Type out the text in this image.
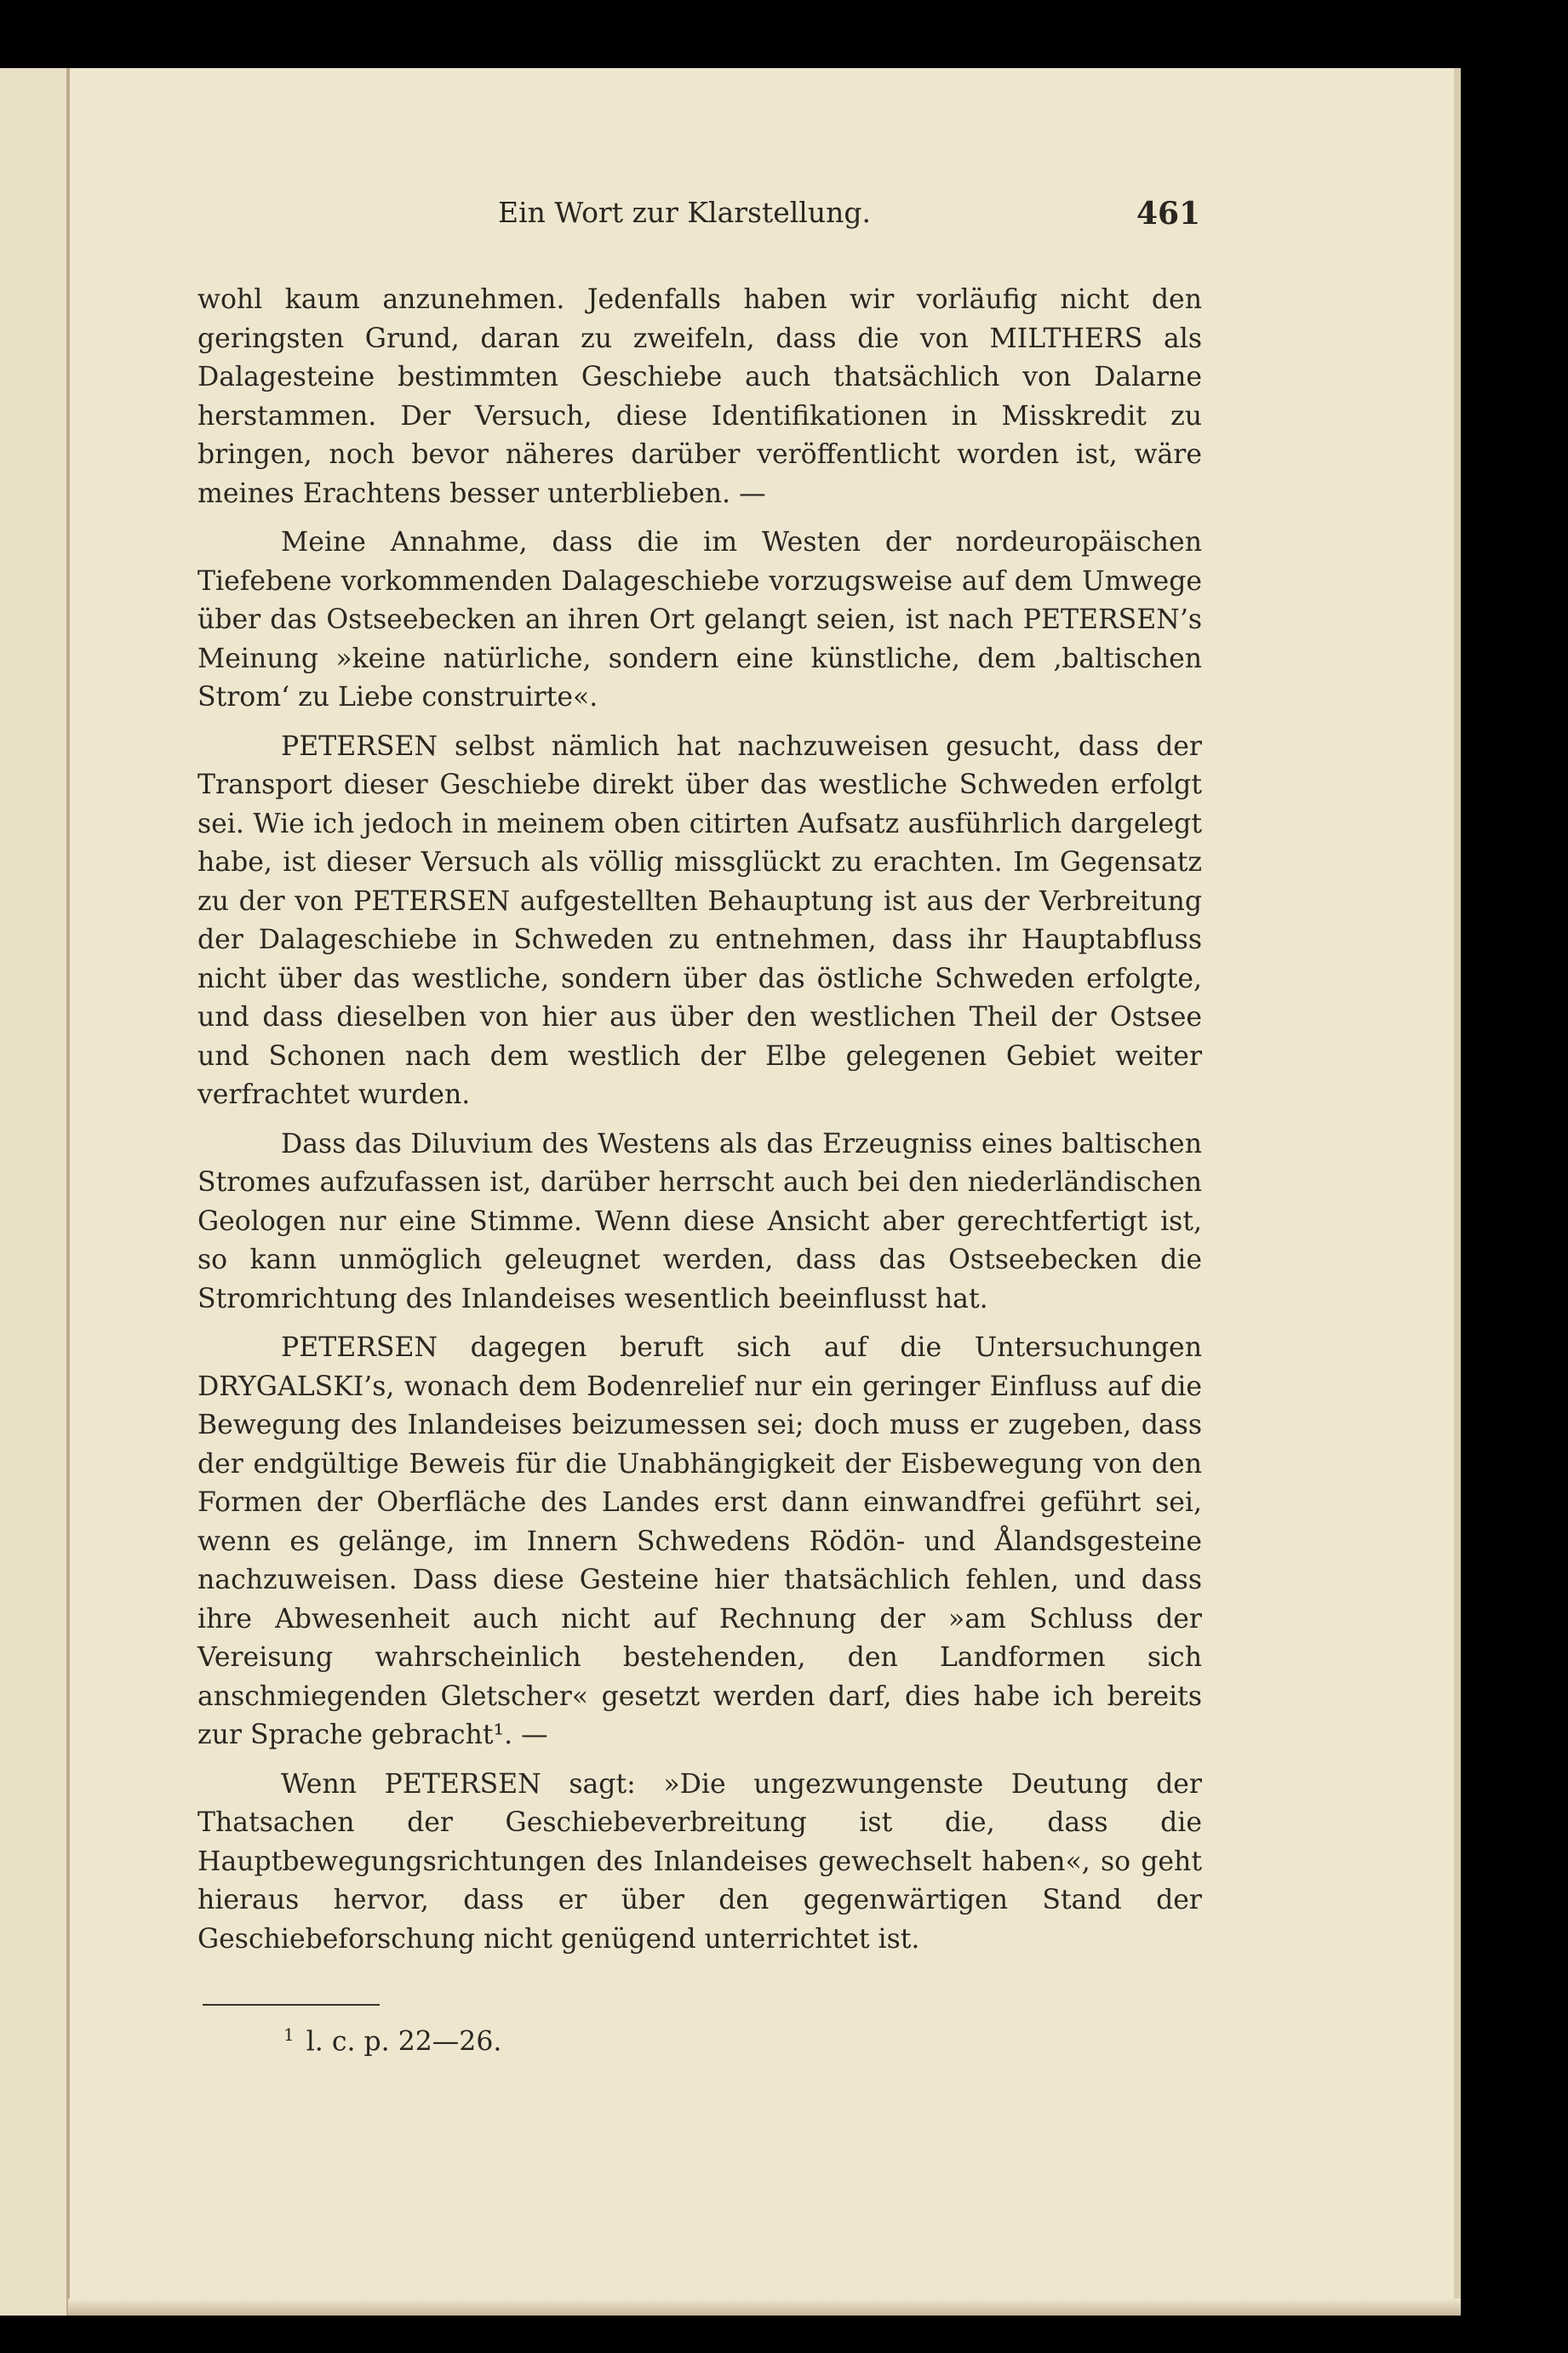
Ein Wort zur Klarstellung.	461

wohl kaum anzunehmen. Jedenfalls haben wir vorläufig nicht den geringsten Grund, daran zu zweifeln, dass die von MILTHERS als Dalagesteine bestimmten Geschiebe auch thatsächlich von Dalarne herstammen. Der Versuch, diese Identifikationen in Misskredit zu bringen, noch bevor näheres darüber veröffentlicht worden ist, wäre meines Erachtens besser unterblieben. —

Meine Annahme, dass die im Westen der nordeuropäischen Tiefebene vorkommenden Dalageschiebe vorzugsweise auf dem Umwege über das Ostseebecken an ihren Ort gelangt seien, ist nach PETERSEN’s Meinung »keine natürliche, sondern eine künstliche, dem ‚baltischen Strom‘ zu Liebe construirte«.

PETERSEN selbst nämlich hat nachzuweisen gesucht, dass der Transport dieser Geschiebe direkt über das westliche Schweden erfolgt sei. Wie ich jedoch in meinem oben citirten Aufsatz ausführlich dargelegt habe, ist dieser Versuch als völlig missglückt zu erachten. Im Gegensatz zu der von PETERSEN aufgestellten Behauptung ist aus der Verbreitung der Dalageschiebe in Schweden zu entnehmen, dass ihr Hauptabfluss nicht über das westliche, sondern über das östliche Schweden erfolgte, und dass dieselben von hier aus über den westlichen Theil der Ostsee und Schonen nach dem westlich der Elbe gelegenen Gebiet weiter verfrachtet wurden.

Dass das Diluvium des Westens als das Erzeugniss eines baltischen Stromes aufzufassen ist, darüber herrscht auch bei den niederländischen Geologen nur eine Stimme. Wenn diese Ansicht aber gerechtfertigt ist, so kann unmöglich geleugnet werden, dass das Ostseebecken die Stromrichtung des Inlandeises wesentlich beeinflusst hat.

PETERSEN dagegen beruft sich auf die Untersuchungen DRYGALSKI’s, wonach dem Bodenrelief nur ein geringer Einfluss auf die Bewegung des Inlandeises beizumessen sei; doch muss er zugeben, dass der endgültige Beweis für die Unabhängigkeit der Eisbewegung von den Formen der Oberfläche des Landes erst dann einwandfrei geführt sei, wenn es gelänge, im Innern Schwedens Rödön- und Ålandsgesteine nachzuweisen. Dass diese Gesteine hier thatsächlich fehlen, und dass ihre Abwesenheit auch nicht auf Rechnung der »am Schluss der Vereisung wahrscheinlich bestehenden, den Landformen sich anschmiegenden Gletscher« gesetzt werden darf, dies habe ich bereits zur Sprache gebracht¹. —

Wenn PETERSEN sagt: »Die ungezwungenste Deutung der Thatsachen der Geschiebeverbreitung ist die, dass die Hauptbewegungsrichtungen des Inlandeises gewechselt haben«, so geht hieraus hervor, dass er über den gegenwärtigen Stand der Geschiebeforschung nicht genügend unterrichtet ist.

$^1$ l. c. p. 22—26.
